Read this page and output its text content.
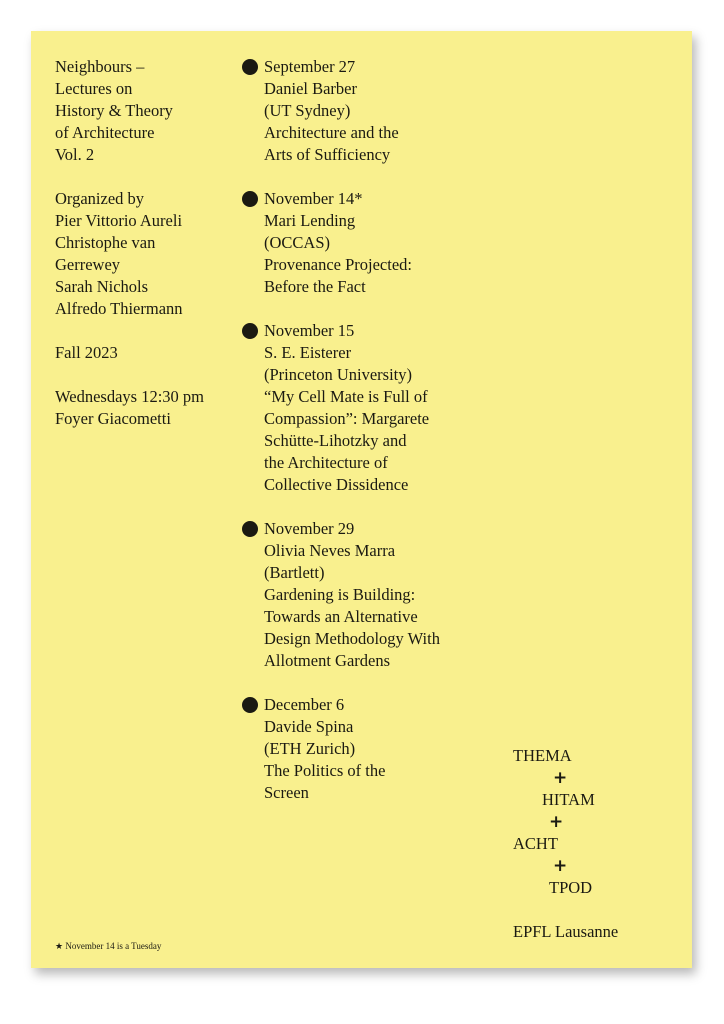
Neighbours –
Lectures on
History & Theory
of Architecture
Vol. 2
Organized by
Pier Vittorio Aureli
Christophe van
Gerrewey
Sarah Nichols
Alfredo Thiermann
Fall 2023
Wednesdays 12:30 pm
Foyer Giacometti
September 27
Daniel Barber
(UT Sydney)
Architecture and the
Arts of Sufficiency
November 14*
Mari Lending
(OCCAS)
Provenance Projected:
Before the Fact
November 15
S. E. Eisterer
(Princeton University)
“My Cell Mate is Full of
Compassion”: Margarete
Schütte-Lihotzky and
the Architecture of
Collective Dissidence
November 29
Olivia Neves Marra
(Bartlett)
Gardening is Building:
Towards an Alternative
Design Methodology With
Allotment Gardens
December 6
Davide Spina
(ETH Zurich)
The Politics of the
Screen
THEMA
+
HITAM
+
ACHT
+
TPOD
EPFL Lausanne
★ November 14 is a Tuesday
